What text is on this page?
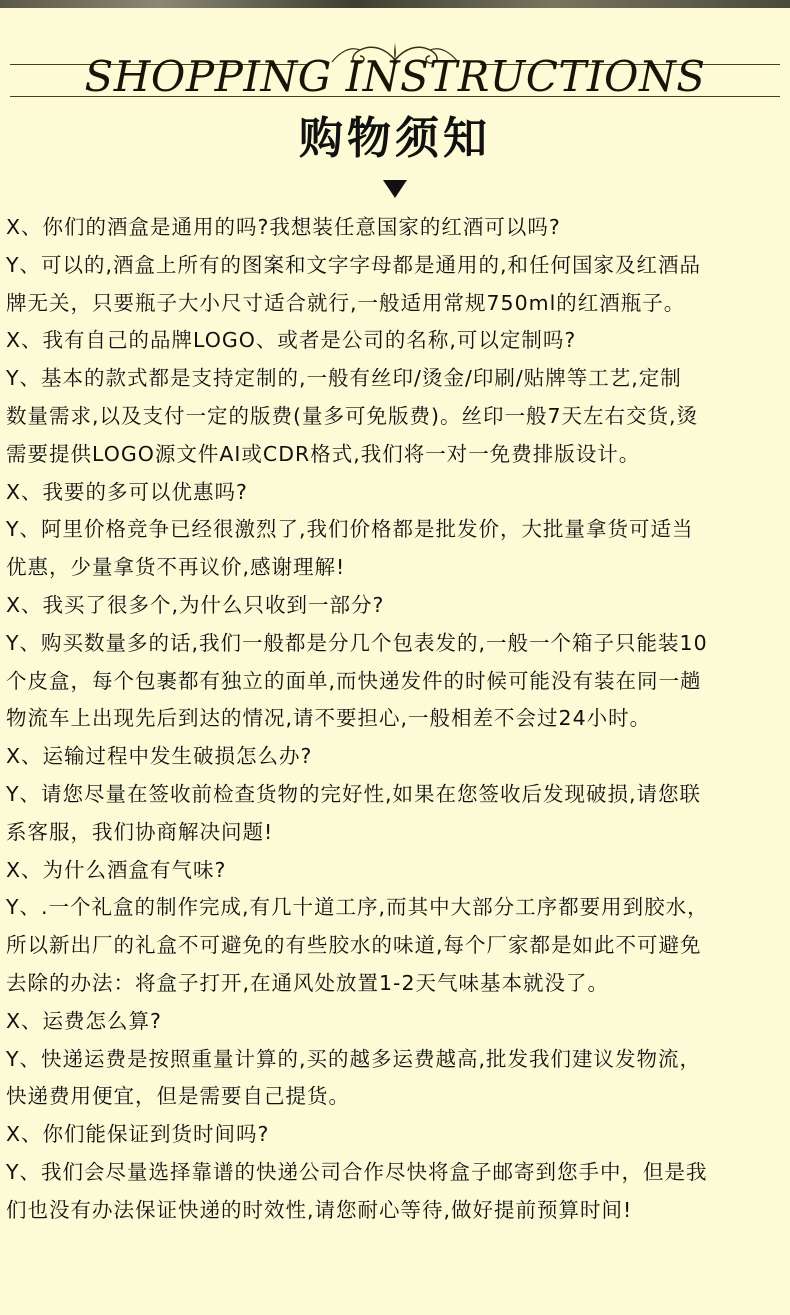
SHOPPING INSTRUCTIONS
购物须知

X、你们的酒盒是通用的吗?我想装任意国家的红酒可以吗?

Y、可以的,酒盒上所有的图案和文字字母都是通用的,和任何国家及红酒品

牌无关，只要瓶子大小尺寸适合就行,一般适用常规750ml的红酒瓶子。

X、我有自己的品牌LOGO、或者是公司的名称,可以定制吗?

Y、基本的款式都是支持定制的,一般有丝印/烫金/印刷/贴牌等工艺,定制

数量需求,以及支付一定的版费(量多可免版费)。丝印一般7天左右交货,烫

需要提供LOGO源文件AI或CDR格式,我们将一对一免费排版设计。

X、我要的多可以优惠吗?

Y、阿里价格竞争已经很激烈了,我们价格都是批发价，大批量拿货可适当

优惠，少量拿货不再议价,感谢理解!

X、我买了很多个,为什么只收到一部分?

Y、购买数量多的话,我们一般都是分几个包表发的,一般一个箱子只能装10

个皮盒，每个包裹都有独立的面单,而快递发件的时候可能没有装在同一趟

物流车上出现先后到达的情况,请不要担心,一般相差不会过24小时。

X、运输过程中发生破损怎么办?

Y、请您尽量在签收前检查货物的完好性,如果在您签收后发现破损,请您联

系客服，我们协商解决问题!

X、为什么酒盒有气味?

Y、.一个礼盒的制作完成,有几十道工序,而其中大部分工序都要用到胶水，

所以新出厂的礼盒不可避免的有些胶水的味道,每个厂家都是如此不可避免

去除的办法：将盒子打开,在通风处放置1-2天气味基本就没了。

X、运费怎么算?

Y、快递运费是按照重量计算的,买的越多运费越高,批发我们建议发物流，

快递费用便宜，但是需要自己提货。

X、你们能保证到货时间吗?

Y、我们会尽量选择靠谱的快递公司合作尽快将盒子邮寄到您手中，但是我

们也没有办法保证快递的时效性,请您耐心等待,做好提前预算时间!
